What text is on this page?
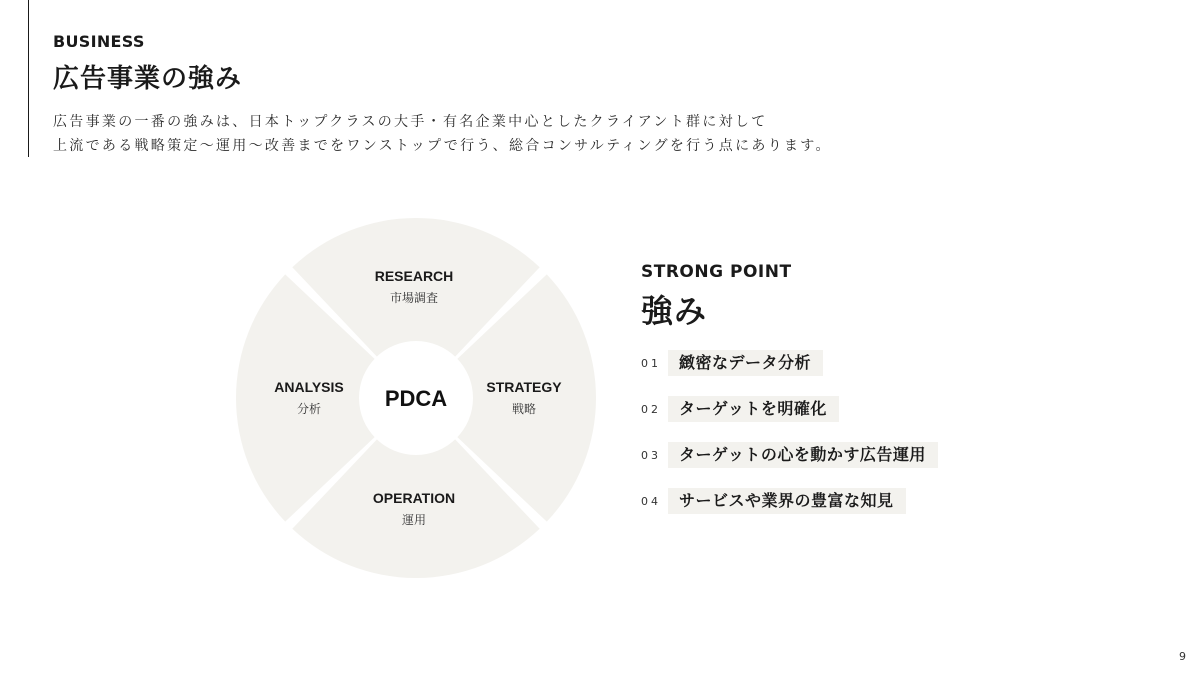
BUSINESS
広告事業の強み

広告事業の一番の強みは、日本トップクラスの大手・有名企業中心としたクライアント群に対して

上流である戦略策定〜運用〜改善までをワンストップで行う、総合コンサルティングを行う点にあります。

PDCA
RESEARCH
市場調査
STRATEGY
戦略
OPERATION
運用
ANALYSIS
分析
STRONG POINT
強み
01	緻密なデータ分析
02	ターゲットを明確化
03	ターゲットの心を動かす広告運用
04	サービスや業界の豊富な知見
9
